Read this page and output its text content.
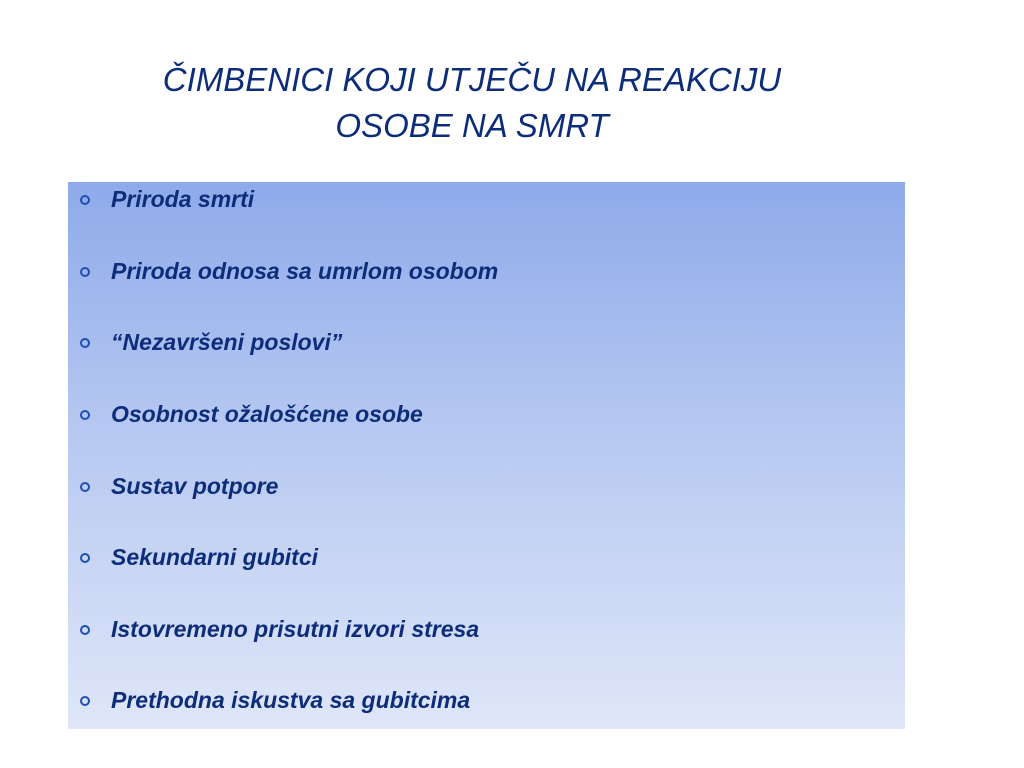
ČIMBENICI KOJI UTJEČU NA REAKCIJU
OSOBE NA SMRT
Priroda smrti
Priroda odnosa sa umrlom osobom
“Nezavršeni poslovi”
Osobnost ožalošćene osobe
Sustav potpore
Sekundarni gubitci
Istovremeno prisutni izvori stresa
Prethodna iskustva sa gubitcima
